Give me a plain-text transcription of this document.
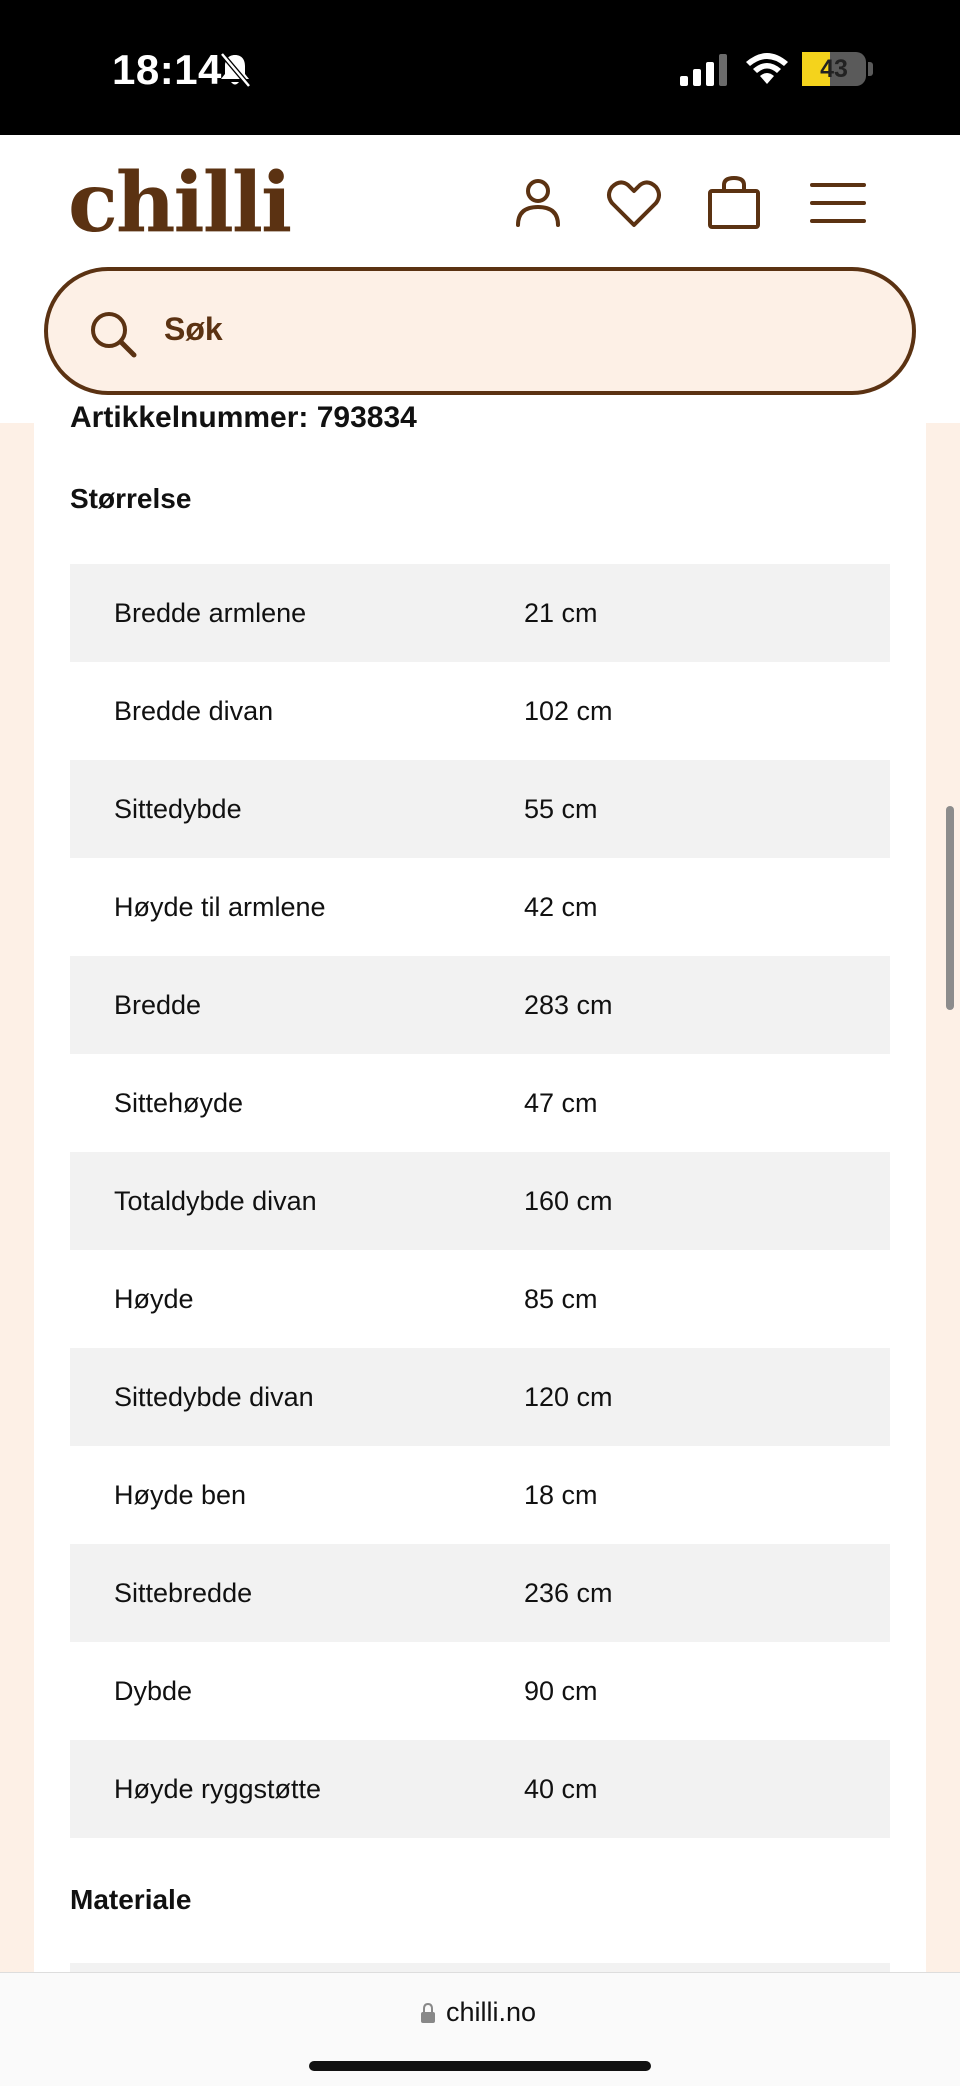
18:14	43
chilli
Søk
Artikkelnummer: 793834
Størrelse
Bredde armlene	21 cm
Bredde divan	102 cm
Sittedybde	55 cm
Høyde til armlene	42 cm
Bredde	283 cm
Sittehøyde	47 cm
Totaldybde divan	160 cm
Høyde	85 cm
Sittedybde divan	120 cm
Høyde ben	18 cm
Sittebredde	236 cm
Dybde	90 cm
Høyde ryggstøtte	40 cm
Materiale
chilli.no
